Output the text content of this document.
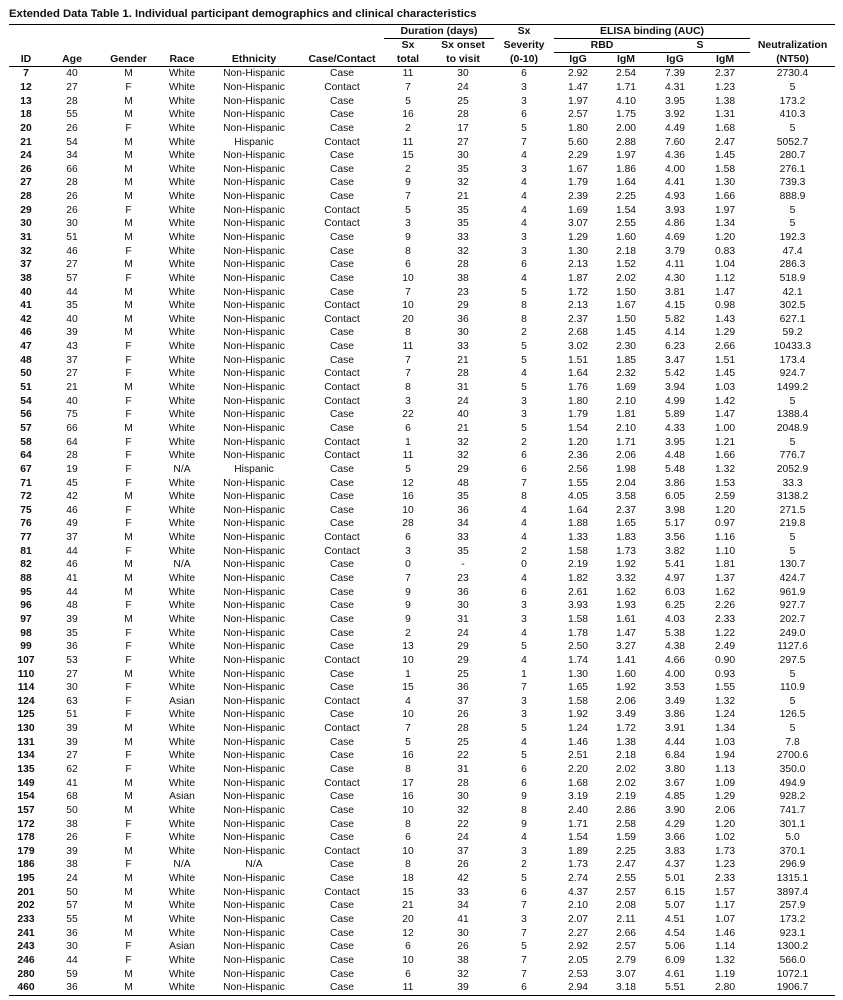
Extended Data Table 1. Individual participant demographics and clinical characteristics
						Duration (days)		Sx	ELISA binding (AUC)				
						Sx	Sx onset	Severity	RBD		S		Neutralization
ID	Age	Gender	Race	Ethnicity	Case/Contact	total	to visit	(0-10)	IgG	IgM	IgG	IgM	(NT50)
7	40	M	White	Non-Hispanic	Case	11	30	6	2.92	2.54	7.39	2.37	2730.4
12	27	F	White	Non-Hispanic	Contact	7	24	3	1.47	1.71	4.31	1.23	5
13	28	M	White	Non-Hispanic	Case	5	25	3	1.97	4.10	3.95	1.38	173.2
18	55	M	White	Non-Hispanic	Case	16	28	6	2.57	1.75	3.92	1.31	410.3
20	26	F	White	Non-Hispanic	Case	2	17	5	1.80	2.00	4.49	1.68	5
21	54	M	White	Hispanic	Contact	11	27	7	5.60	2.88	7.60	2.47	5052.7
24	34	M	White	Non-Hispanic	Case	15	30	4	2.29	1.97	4.36	1.45	280.7
26	66	M	White	Non-Hispanic	Case	2	35	3	1.67	1.86	4.00	1.58	276.1
27	28	M	White	Non-Hispanic	Case	9	32	4	1.79	1.64	4.41	1.30	739.3
28	26	M	White	Non-Hispanic	Case	7	21	4	2.39	2.25	4.93	1.66	888.9
29	26	F	White	Non-Hispanic	Contact	5	35	4	1.69	1.54	3.93	1.97	5
30	30	M	White	Non-Hispanic	Contact	3	35	4	3.07	2.55	4.86	1.34	5
31	51	M	White	Non-Hispanic	Case	9	33	3	1.29	1.60	4.69	1.20	192.3
32	46	F	White	Non-Hispanic	Case	8	32	3	1.30	2.18	3.79	0.83	47.4
37	27	M	White	Non-Hispanic	Case	6	28	6	2.13	1.52	4.11	1.04	286.3
38	57	F	White	Non-Hispanic	Case	10	38	4	1.87	2.02	4.30	1.12	518.9
40	44	M	White	Non-Hispanic	Case	7	23	5	1.72	1.50	3.81	1.47	42.1
41	35	M	White	Non-Hispanic	Contact	10	29	8	2.13	1.67	4.15	0.98	302.5
42	40	M	White	Non-Hispanic	Contact	20	36	8	2.37	1.50	5.82	1.43	627.1
46	39	M	White	Non-Hispanic	Case	8	30	2	2.68	1.45	4.14	1.29	59.2
47	43	F	White	Non-Hispanic	Case	11	33	5	3.02	2.30	6.23	2.66	10433.3
48	37	F	White	Non-Hispanic	Case	7	21	5	1.51	1.85	3.47	1.51	173.4
50	27	F	White	Non-Hispanic	Contact	7	28	4	1.64	2.32	5.42	1.45	924.7
51	21	M	White	Non-Hispanic	Contact	8	31	5	1.76	1.69	3.94	1.03	1499.2
54	40	F	White	Non-Hispanic	Contact	3	24	3	1.80	2.10	4.99	1.42	5
56	75	F	White	Non-Hispanic	Case	22	40	3	1.79	1.81	5.89	1.47	1388.4
57	66	M	White	Non-Hispanic	Case	6	21	5	1.54	2.10	4.33	1.00	2048.9
58	64	F	White	Non-Hispanic	Contact	1	32	2	1.20	1.71	3.95	1.21	5
64	28	F	White	Non-Hispanic	Contact	11	32	6	2.36	2.06	4.48	1.66	776.7
67	19	F	N/A	Hispanic	Case	5	29	6	2.56	1.98	5.48	1.32	2052.9
71	45	F	White	Non-Hispanic	Case	12	48	7	1.55	2.04	3.86	1.53	33.3
72	42	M	White	Non-Hispanic	Case	16	35	8	4.05	3.58	6.05	2.59	3138.2
75	46	F	White	Non-Hispanic	Case	10	36	4	1.64	2.37	3.98	1.20	271.5
76	49	F	White	Non-Hispanic	Case	28	34	4	1.88	1.65	5.17	0.97	219.8
77	37	M	White	Non-Hispanic	Contact	6	33	4	1.33	1.83	3.56	1.16	5
81	44	F	White	Non-Hispanic	Contact	3	35	2	1.58	1.73	3.82	1.10	5
82	46	M	N/A	Non-Hispanic	Case	0	-	0	2.19	1.92	5.41	1.81	130.7
88	41	M	White	Non-Hispanic	Case	7	23	4	1.82	3.32	4.97	1.37	424.7
95	44	M	White	Non-Hispanic	Case	9	36	6	2.61	1.62	6.03	1.62	961.9
96	48	F	White	Non-Hispanic	Case	9	30	3	3.93	1.93	6.25	2.26	927.7
97	39	M	White	Non-Hispanic	Case	9	31	3	1.58	1.61	4.03	2.33	202.7
98	35	F	White	Non-Hispanic	Case	2	24	4	1.78	1.47	5.38	1.22	249.0
99	36	F	White	Non-Hispanic	Case	13	29	5	2.50	3.27	4.38	2.49	1127.6
107	53	F	White	Non-Hispanic	Contact	10	29	4	1.74	1.41	4.66	0.90	297.5
110	27	M	White	Non-Hispanic	Case	1	25	1	1.30	1.60	4.00	0.93	5
114	30	F	White	Non-Hispanic	Case	15	36	7	1.65	1.92	3.53	1.55	110.9
124	63	F	Asian	Non-Hispanic	Contact	4	37	3	1.58	2.06	3.49	1.32	5
125	51	F	White	Non-Hispanic	Case	10	26	3	1.92	3.49	3.86	1.24	126.5
130	39	M	White	Non-Hispanic	Contact	7	28	5	1.24	1.72	3.91	1.34	5
131	39	M	White	Non-Hispanic	Case	5	25	4	1.46	1.38	4.44	1.03	7.8
134	27	F	White	Non-Hispanic	Case	16	22	5	2.51	2.18	6.84	1.94	2700.6
135	62	F	White	Non-Hispanic	Case	8	31	6	2.20	2.02	3.80	1.13	350.0
149	41	M	White	Non-Hispanic	Contact	17	28	6	1.68	2.02	3.67	1.09	494.9
154	68	M	Asian	Non-Hispanic	Case	16	30	9	3.19	2.19	4.85	1.29	928.2
157	50	M	White	Non-Hispanic	Case	10	32	8	2.40	2.86	3.90	2.06	741.7
172	38	F	White	Non-Hispanic	Case	8	22	9	1.71	2.58	4.29	1.20	301.1
178	26	F	White	Non-Hispanic	Case	6	24	4	1.54	1.59	3.66	1.02	5.0
179	39	M	White	Non-Hispanic	Contact	10	37	3	1.89	2.25	3.83	1.73	370.1
186	38	F	N/A	N/A	Case	8	26	2	1.73	2.47	4.37	1.23	296.9
195	24	M	White	Non-Hispanic	Case	18	42	5	2.74	2.55	5.01	2.33	1315.1
201	50	M	White	Non-Hispanic	Contact	15	33	6	4.37	2.57	6.15	1.57	3897.4
202	57	M	White	Non-Hispanic	Case	21	34	7	2.10	2.08	5.07	1.17	257.9
233	55	M	White	Non-Hispanic	Case	20	41	3	2.07	2.11	4.51	1.07	173.2
241	36	M	White	Non-Hispanic	Case	12	30	7	2.27	2.66	4.54	1.46	923.1
243	30	F	Asian	Non-Hispanic	Case	6	26	5	2.92	2.57	5.06	1.14	1300.2
246	44	F	White	Non-Hispanic	Case	10	38	7	2.05	2.79	6.09	1.32	566.0
280	59	M	White	Non-Hispanic	Case	6	32	7	2.53	3.07	4.61	1.19	1072.1
460	36	M	White	Non-Hispanic	Case	11	39	6	2.94	3.18	5.51	2.80	1906.7
